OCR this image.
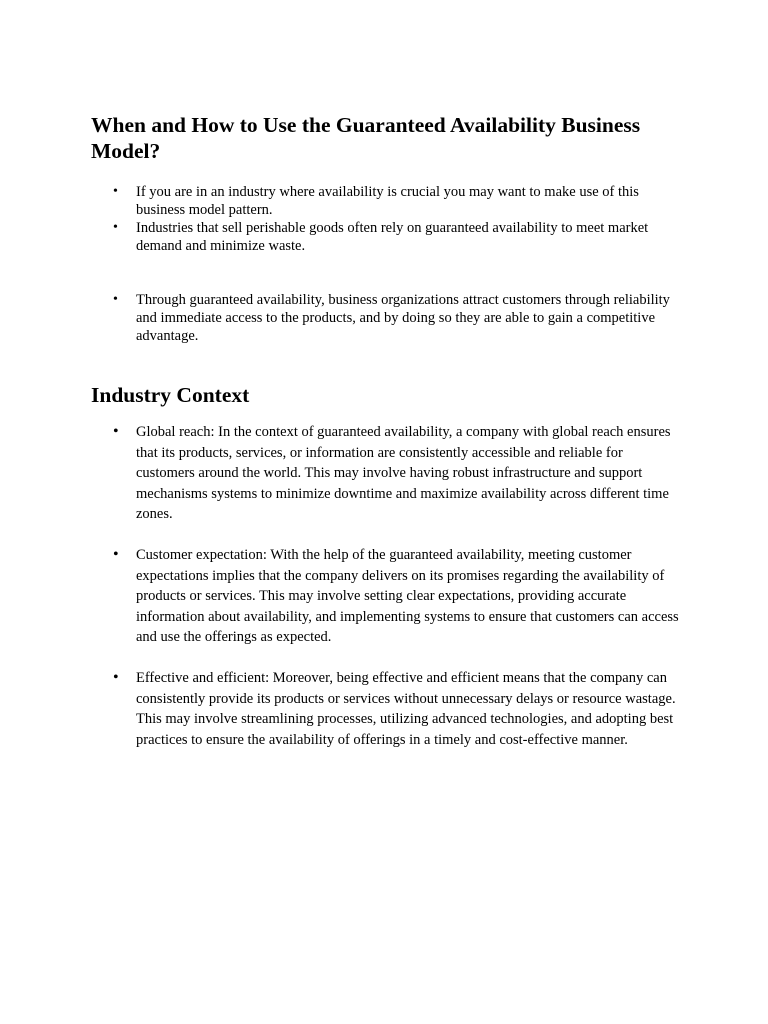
When and How to Use the Guaranteed Availability Business Model?
• If you are in an industry where availability is crucial you may want to make use of this business model pattern.
• Industries that sell perishable goods often rely on guaranteed availability to meet market demand and minimize waste.
• Through guaranteed availability, business organizations attract customers through reliability and immediate access to the products, and by doing so they are able to gain a competitive advantage.
Industry Context
• Global reach: In the context of guaranteed availability, a company with global reach ensures that its products, services, or information are consistently accessible and reliable for customers around the world. This may involve having robust infrastructure and support mechanisms systems to minimize downtime and maximize availability across different time zones.
• Customer expectation: With the help of the guaranteed availability, meeting customer expectations implies that the company delivers on its promises regarding the availability of products or services. This may involve setting clear expectations, providing accurate information about availability, and implementing systems to ensure that customers can access and use the offerings as expected.
• Effective and efficient: Moreover, being effective and efficient means that the company can consistently provide its products or services without unnecessary delays or resource wastage. This may involve streamlining processes, utilizing advanced technologies, and adopting best practices to ensure the availability of offerings in a timely and cost-effective manner.
